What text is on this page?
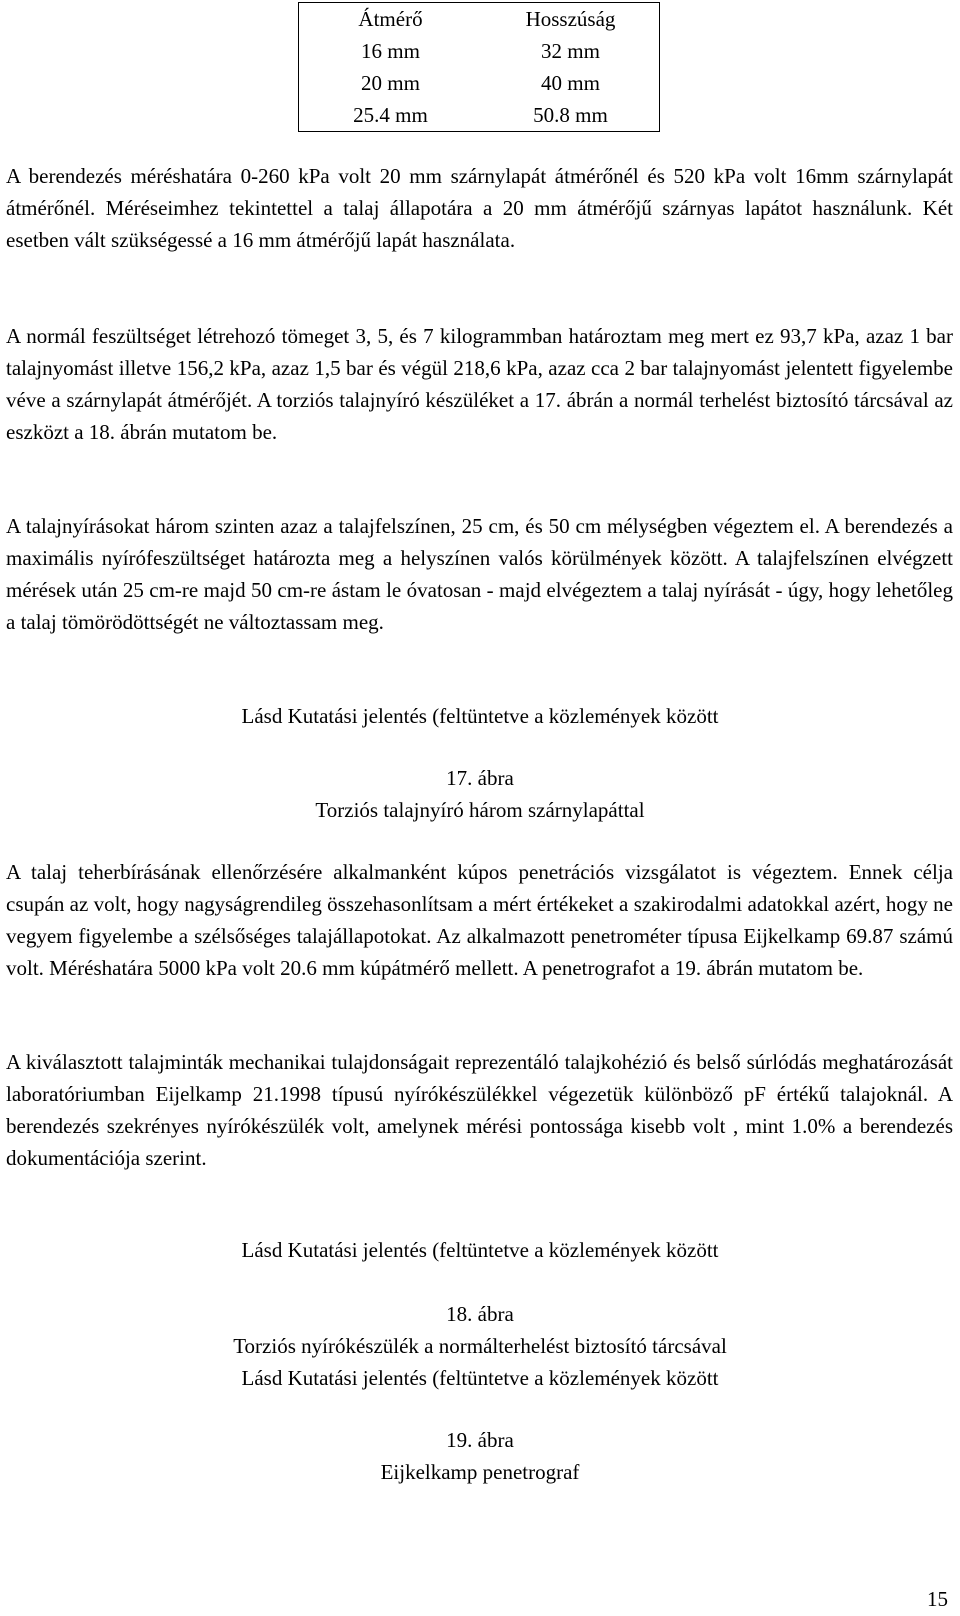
Átmérő	Hosszúság
16 mm	32 mm
20 mm	40 mm
25.4 mm	50.8 mm

A berendezés méréshatára 0-260 kPa volt 20 mm szárnylapát átmérőnél és 520 kPa volt 16mm szárnylapát átmérőnél. Méréseimhez tekintettel a talaj állapotára a 20 mm átmérőjű szárnyas lapátot használunk. Két esetben vált szükségessé a 16 mm átmérőjű lapát használata.

A normál feszültséget létrehozó tömeget 3, 5, és 7 kilogrammban határoztam meg mert ez 93,7 kPa, azaz 1 bar talajnyomást illetve 156,2 kPa, azaz 1,5 bar és végül 218,6 kPa, azaz cca 2 bar talajnyomást jelentett figyelembe véve a szárnylapát átmérőjét. A torziós talajnyíró készüléket a 17. ábrán a normál terhelést biztosító tárcsával az eszközt a 18. ábrán mutatom be.

A talajnyírásokat három szinten azaz a talajfelszínen, 25 cm, és 50 cm mélységben végeztem el. A berendezés a maximális nyírófeszültséget határozta meg a helyszínen valós körülmények között. A talajfelszínen elvégzett mérések után 25 cm-re majd 50 cm-re ástam le óvatosan - majd elvégeztem a talaj nyírását - úgy, hogy lehetőleg a talaj tömörödöttségét ne változtassam meg.

Lásd Kutatási jelentés (feltüntetve a közlemények között

17. ábra

Torziós talajnyíró három szárnylapáttal

A talaj teherbírásának ellenőrzésére alkalmanként kúpos penetrációs vizsgálatot is végeztem. Ennek célja csupán az volt, hogy nagyságrendileg összehasonlítsam a mért értékeket a szakirodalmi adatokkal azért, hogy ne vegyem figyelembe a szélsőséges talajállapotokat. Az alkalmazott penetrométer típusa Eijkelkamp 69.87 számú volt. Méréshatára 5000 kPa volt 20.6 mm kúpátmérő mellett. A penetrografot a 19. ábrán mutatom be.

A kiválasztott talajminták mechanikai tulajdonságait reprezentáló talajkohézió és belső súrlódás meghatározását laboratóriumban Eijelkamp 21.1998 típusú nyírókészülékkel végezetük különböző pF értékű talajoknál. A berendezés szekrényes nyírókészülék volt, amelynek mérési pontossága kisebb volt , mint 1.0% a berendezés dokumentációja szerint.

Lásd Kutatási jelentés (feltüntetve a közlemények között

18. ábra

Torziós nyírókészülék a normálterhelést biztosító tárcsával

Lásd Kutatási jelentés (feltüntetve a közlemények között

19. ábra

Eijkelkamp penetrograf

15
